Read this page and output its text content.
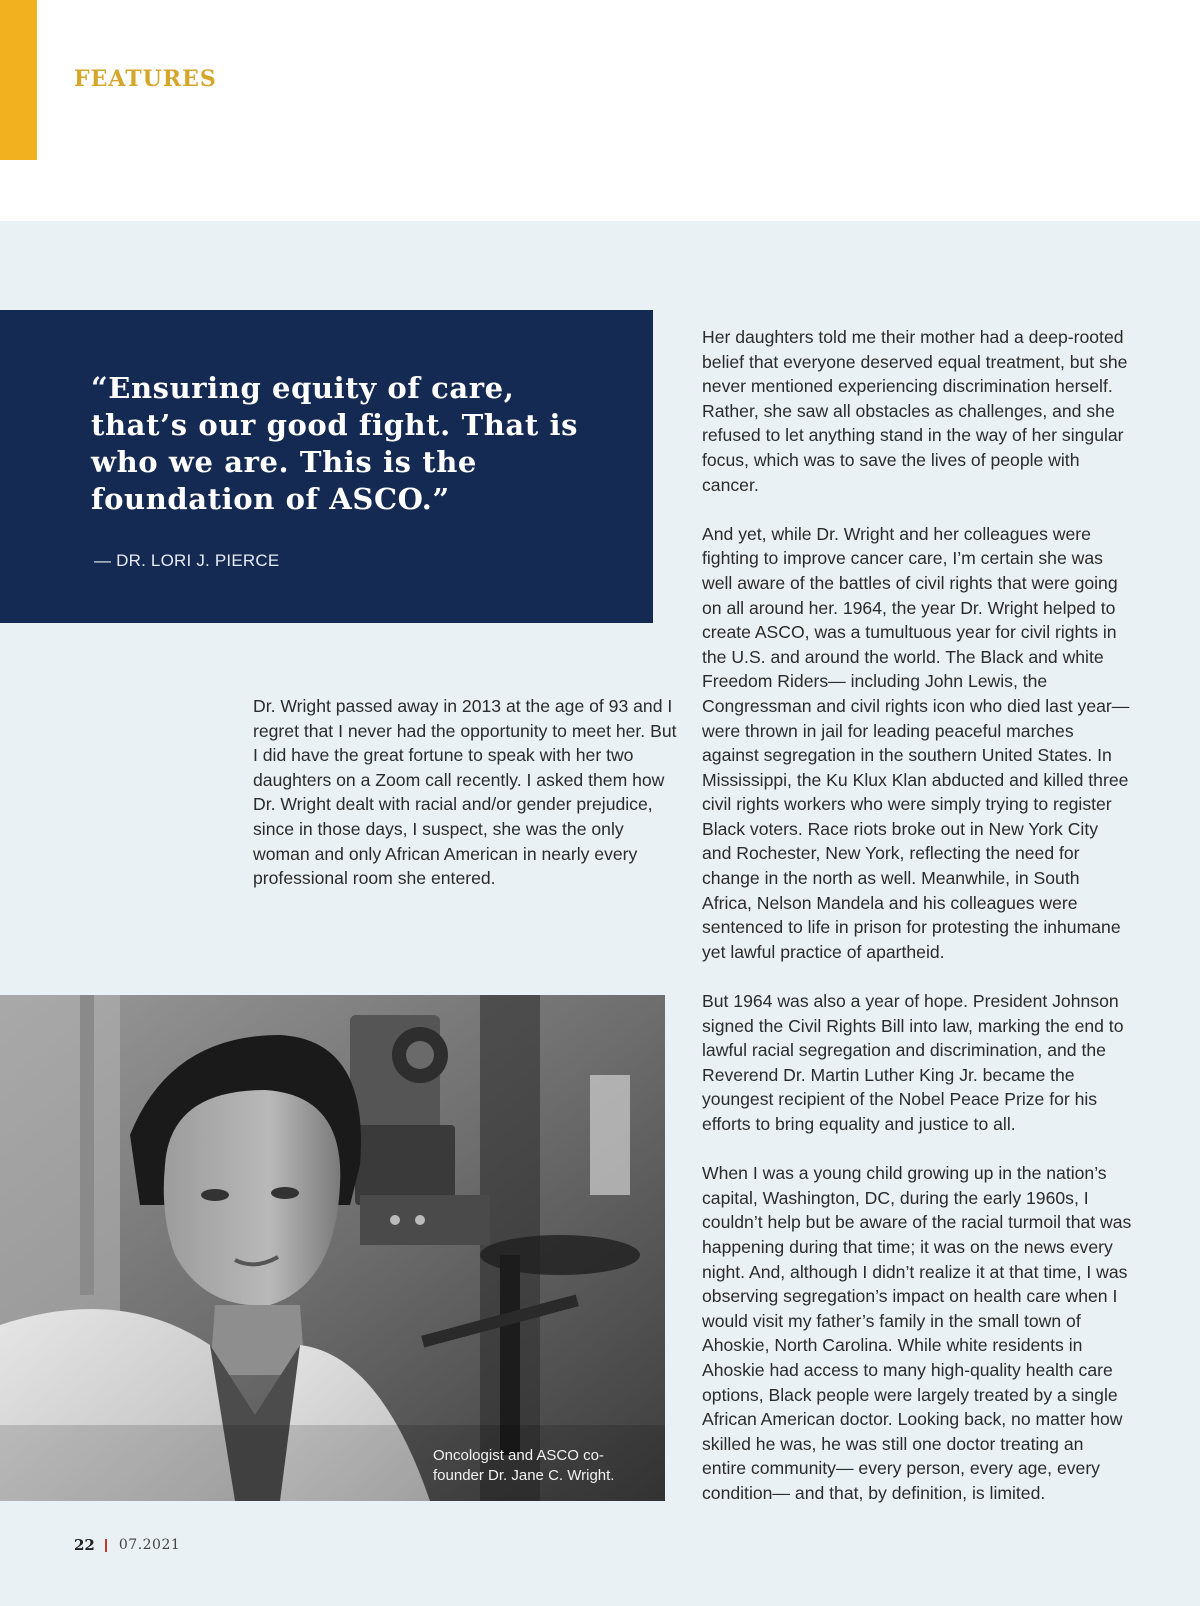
FEATURES
“Ensuring equity of care, that’s our good fight. That is who we are. This is the foundation of ASCO.”
— DR. LORI J. PIERCE

Dr. Wright passed away in 2013 at the age of 93 and I regret that I never had the opportunity to meet her. But I did have the great fortune to speak with her two daughters on a Zoom call recently. I asked them how Dr. Wright dealt with racial and/or gender prejudice, since in those days, I suspect, she was the only woman and only African American in nearly every professional room she entered.

Her daughters told me their mother had a deep-rooted belief that everyone deserved equal treatment, but she never mentioned experiencing discrimination herself. Rather, she saw all obstacles as challenges, and she refused to let anything stand in the way of her singular focus, which was to save the lives of people with cancer.

And yet, while Dr. Wright and her colleagues were fighting to improve cancer care, I’m certain she was well aware of the battles of civil rights that were going on all around her. 1964, the year Dr. Wright helped to create ASCO, was a tumultuous year for civil rights in the U.S. and around the world. The Black and white Freedom Riders— including John Lewis, the Congressman and civil rights icon who died last year— were thrown in jail for leading peaceful marches against segregation in the southern United States. In Mississippi, the Ku Klux Klan abducted and killed three civil rights workers who were simply trying to register Black voters. Race riots broke out in New York City and Rochester, New York, reflecting the need for change in the north as well. Meanwhile, in South Africa, Nelson Mandela and his colleagues were sentenced to life in prison for protesting the inhumane yet lawful practice of apartheid.

But 1964 was also a year of hope. President Johnson signed the Civil Rights Bill into law, marking the end to lawful racial segregation and discrimination, and the Reverend Dr. Martin Luther King Jr. became the youngest recipient of the Nobel Peace Prize for his efforts to bring equality and justice to all.

When I was a young child growing up in the nation’s capital, Washington, DC, during the early 1960s, I couldn’t help but be aware of the racial turmoil that was happening during that time; it was on the news every night. And, although I didn’t realize it at that time, I was observing segregation’s impact on health care when I would visit my father’s family in the small town of Ahoskie, North Carolina. While white residents in Ahoskie had access to many high-quality health care options, Black people were largely treated by a single African American doctor. Looking back, no matter how skilled he was, he was still one doctor treating an entire community— every person, every age, every condition— and that, by definition, is limited.

Oncologist and ASCO co-founder Dr. Jane C. Wright.
22 07.2021
